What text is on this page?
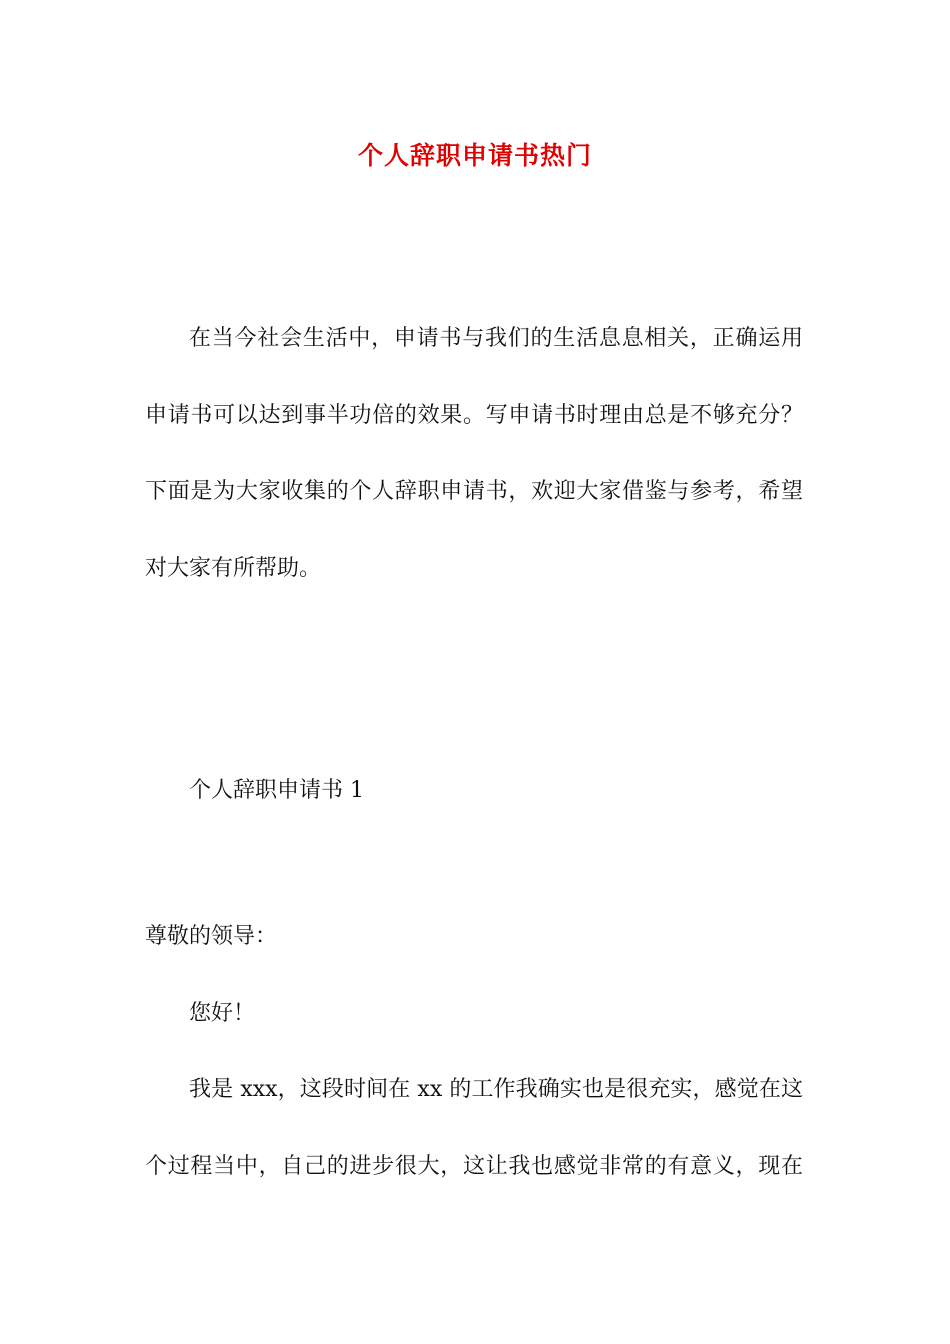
个人辞职申请书热门
在当今社会生活中，申请书与我们的生活息息相关，正确运用
申请书可以达到事半功倍的效果。写申请书时理由总是不够充分？
下面是为大家收集的个人辞职申请书，欢迎大家借鉴与参考，希望
对大家有所帮助。
个人辞职申请书 1
尊敬的领导：
您好！
我是 xxx，这段时间在 xx 的工作我确实也是很充实，感觉在这
个过程当中，自己的进步很大，这让我也感觉非常的有意义，现在
